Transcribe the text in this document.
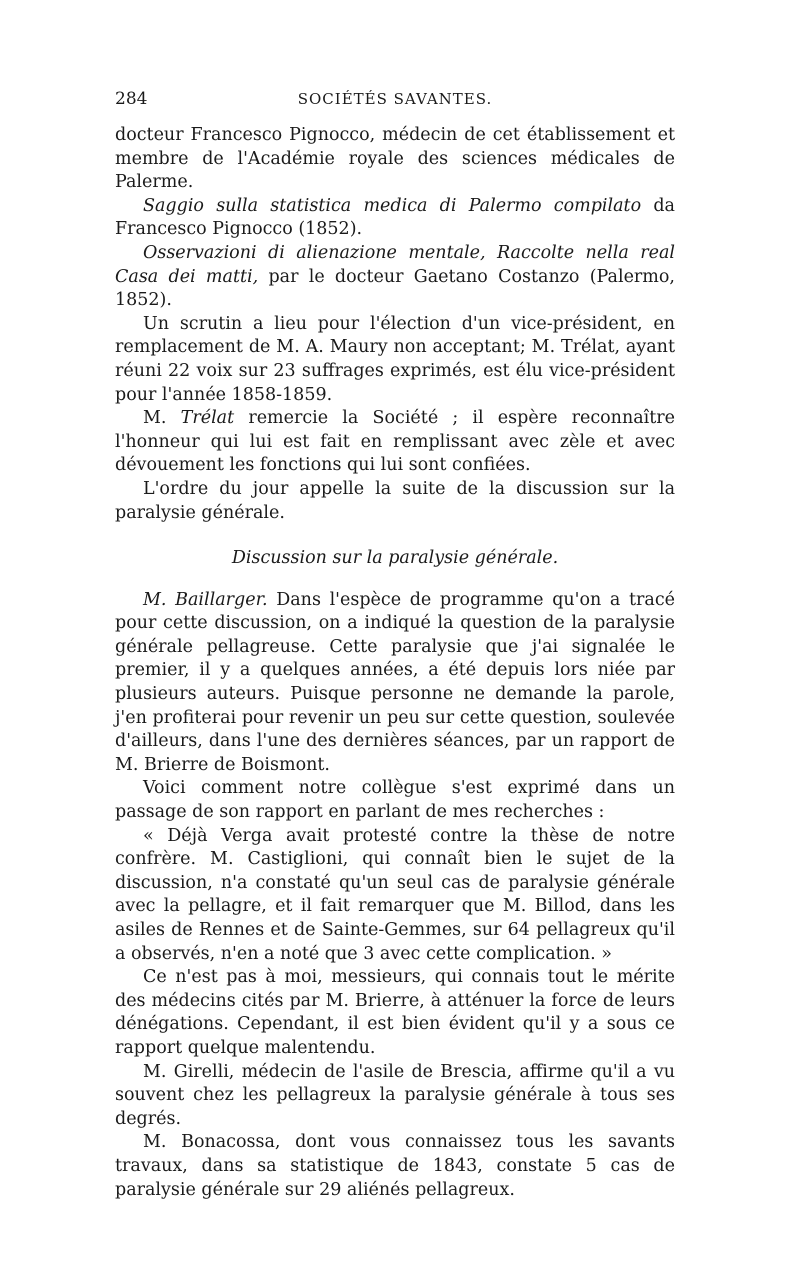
284	SOCIÉTÉS SAVANTES.

docteur Francesco Pignocco, médecin de cet établissement et membre de l'Académie royale des sciences médicales de Palerme.

Saggio sulla statistica medica di Palermo compilato da Francesco Pignocco (1852).

Osservazioni di alienazione mentale, Raccolte nella real Casa dei matti, par le docteur Gaetano Costanzo (Palermo, 1852).

Un scrutin a lieu pour l'élection d'un vice-président, en remplacement de M. A. Maury non acceptant; M. Trélat, ayant réuni 22 voix sur 23 suffrages exprimés, est élu vice-président pour l'année 1858-1859.

M. Trélat remercie la Société ; il espère reconnaître l'honneur qui lui est fait en remplissant avec zèle et avec dévouement les fonctions qui lui sont confiées.

L'ordre du jour appelle la suite de la discussion sur la paralysie générale.

Discussion sur la paralysie générale.

M. Baillarger. Dans l'espèce de programme qu'on a tracé pour cette discussion, on a indiqué la question de la paralysie générale pellagreuse. Cette paralysie que j'ai signalée le premier, il y a quelques années, a été depuis lors niée par plusieurs auteurs. Puisque personne ne demande la parole, j'en profiterai pour revenir un peu sur cette question, soulevée d'ailleurs, dans l'une des dernières séances, par un rapport de M. Brierre de Boismont.

Voici comment notre collègue s'est exprimé dans un passage de son rapport en parlant de mes recherches :

« Déjà Verga avait protesté contre la thèse de notre confrère. M. Castiglioni, qui connaît bien le sujet de la discussion, n'a constaté qu'un seul cas de paralysie générale avec la pellagre, et il fait remarquer que M. Billod, dans les asiles de Rennes et de Sainte-Gemmes, sur 64 pellagreux qu'il a observés, n'en a noté que 3 avec cette complication. »

Ce n'est pas à moi, messieurs, qui connais tout le mérite des médecins cités par M. Brierre, à atténuer la force de leurs dénégations. Cependant, il est bien évident qu'il y a sous ce rapport quelque malentendu.

M. Girelli, médecin de l'asile de Brescia, affirme qu'il a vu souvent chez les pellagreux la paralysie générale à tous ses degrés.

M. Bonacossa, dont vous connaissez tous les savants travaux, dans sa statistique de 1843, constate 5 cas de paralysie générale sur 29 aliénés pellagreux.
